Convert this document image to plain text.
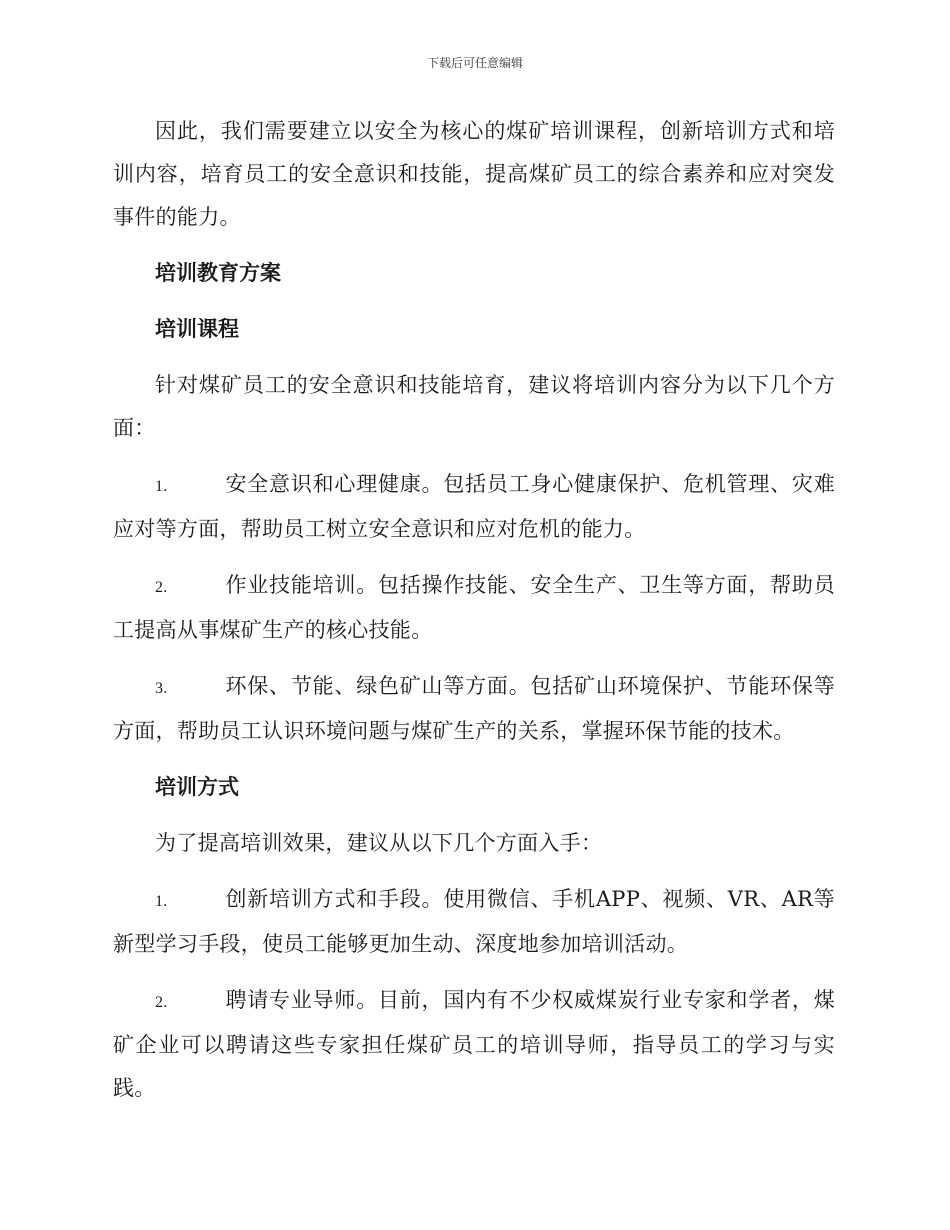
下载后可任意编辑

因此，我们需要建立以安全为核心的煤矿培训课程，创新培训方式和培训内容，培育员工的安全意识和技能，提高煤矿员工的综合素养和应对突发事件的能力。

培训教育方案
培训课程

针对煤矿员工的安全意识和技能培育，建议将培训内容分为以下几个方面：

1.	安全意识和心理健康。包括员工身心健康保护、危机管理、灾难应对等方面，帮助员工树立安全意识和应对危机的能力。

2.	作业技能培训。包括操作技能、安全生产、卫生等方面，帮助员工提高从事煤矿生产的核心技能。

3.	环保、节能、绿色矿山等方面。包括矿山环境保护、节能环保等方面，帮助员工认识环境问题与煤矿生产的关系，掌握环保节能的技术。

培训方式

为了提高培训效果，建议从以下几个方面入手：

1.	创新培训方式和手段。使用微信、手机APP、视频、VR、AR等新型学习手段，使员工能够更加生动、深度地参加培训活动。

2.	聘请专业导师。目前，国内有不少权威煤炭行业专家和学者，煤矿企业可以聘请这些专家担任煤矿员工的培训导师，指导员工的学习与实践。
